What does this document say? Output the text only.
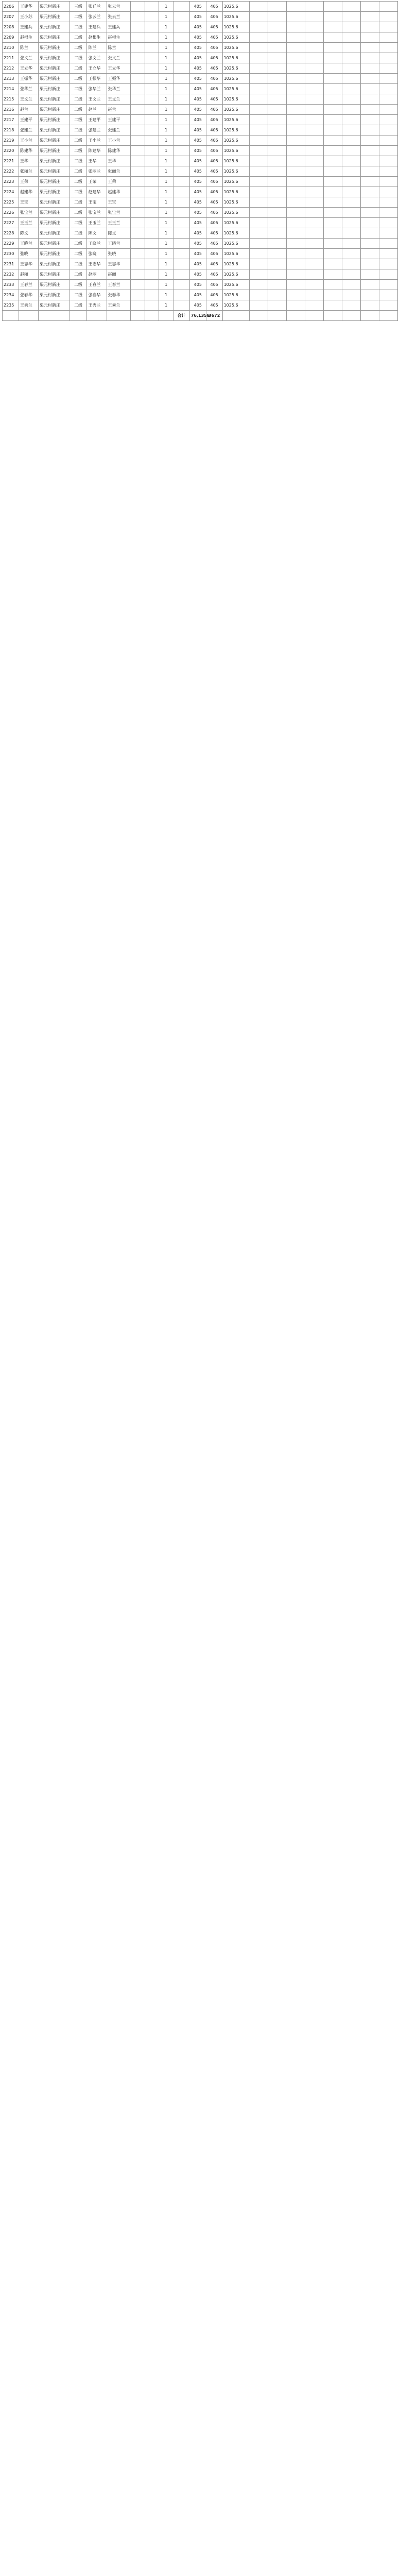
2206	王建华	栗元村新庄	三级	张丘兰	张云兰			1		405	405	1025.6								
2207	王小苏	栗元村新庄	二级	张云兰	张云兰			1		405	405	1025.6								
2208	王建兵	栗元村新庄	二级	王建兵	王建兵			1		405	405	1025.6								
2209	赵根生	栗元村新庄	二级	赵根生	赵根生			1		405	405	1025.6								
2210	陈兰	栗元村新庄	二级	陈兰	陈兰			1		405	405	1025.6								
2211	张文兰	栗元村新庄	二级	张文兰	张文兰			1		405	405	1025.6								
2212	王立华	栗元村新庄	二级	王立华	王立华			1		405	405	1025.6								
2213	王振华	栗元村新庄	二级	王振华	王振华			1		405	405	1025.6								
2214	张华兰	栗元村新庄	二级	张华兰	张华兰			1		405	405	1025.6								
2215	王文兰	栗元村新庄	二级	王文兰	王文兰			1		405	405	1025.6								
2216	赵兰	栗元村新庄	二级	赵兰	赵兰			1		405	405	1025.6								
2217	王建平	栗元村新庄	二级	王建平	王建平			1		405	405	1025.6								
2218	张建兰	栗元村新庄	二级	张建兰	张建兰			1		405	405	1025.6								
2219	王小兰	栗元村新庄	二级	王小兰	王小兰			1		405	405	1025.6								
2220	陈建华	栗元村新庄	二级	陈建华	陈建华			1		405	405	1025.6								
2221	王华	栗元村新庄	二级	王华	王华			1		405	405	1025.6								
2222	张丽兰	栗元村新庄	二级	张丽兰	张丽兰			1		405	405	1025.6								
2223	王荣	栗元村新庄	二级	王荣	王荣			1		405	405	1025.6								
2224	赵建华	栗元村新庄	二级	赵建华	赵建华			1		405	405	1025.6								
2225	王宝	栗元村新庄	二级	王宝	王宝			1		405	405	1025.6								
2226	张宝兰	栗元村新庄	二级	张宝兰	张宝兰			1		405	405	1025.6								
2227	王玉兰	栗元村新庄	二级	王玉兰	王玉兰			1		405	405	1025.6								
2228	陈文	栗元村新庄	二级	陈文	陈文			1		405	405	1025.6								
2229	王晓兰	栗元村新庄	二级	王晓兰	王晓兰			1		405	405	1025.6								
2230	张晓	栗元村新庄	二级	张晓	张晓			1		405	405	1025.6								
2231	王志华	栗元村新庄	二级	王志华	王志华			1		405	405	1025.6								
2232	赵丽	栗元村新庄	二级	赵丽	赵丽			1		405	405	1025.6								
2233	王春兰	栗元村新庄	二级	王春兰	王春兰			1		405	405	1025.6								
2234	张春华	栗元村新庄	二级	张春华	张春华			1		405	405	1025.6								
2235	王秀兰	栗元村新庄	二级	王秀兰	王秀兰			1		405	405	1025.6								
									合计	76,1358	3672									
